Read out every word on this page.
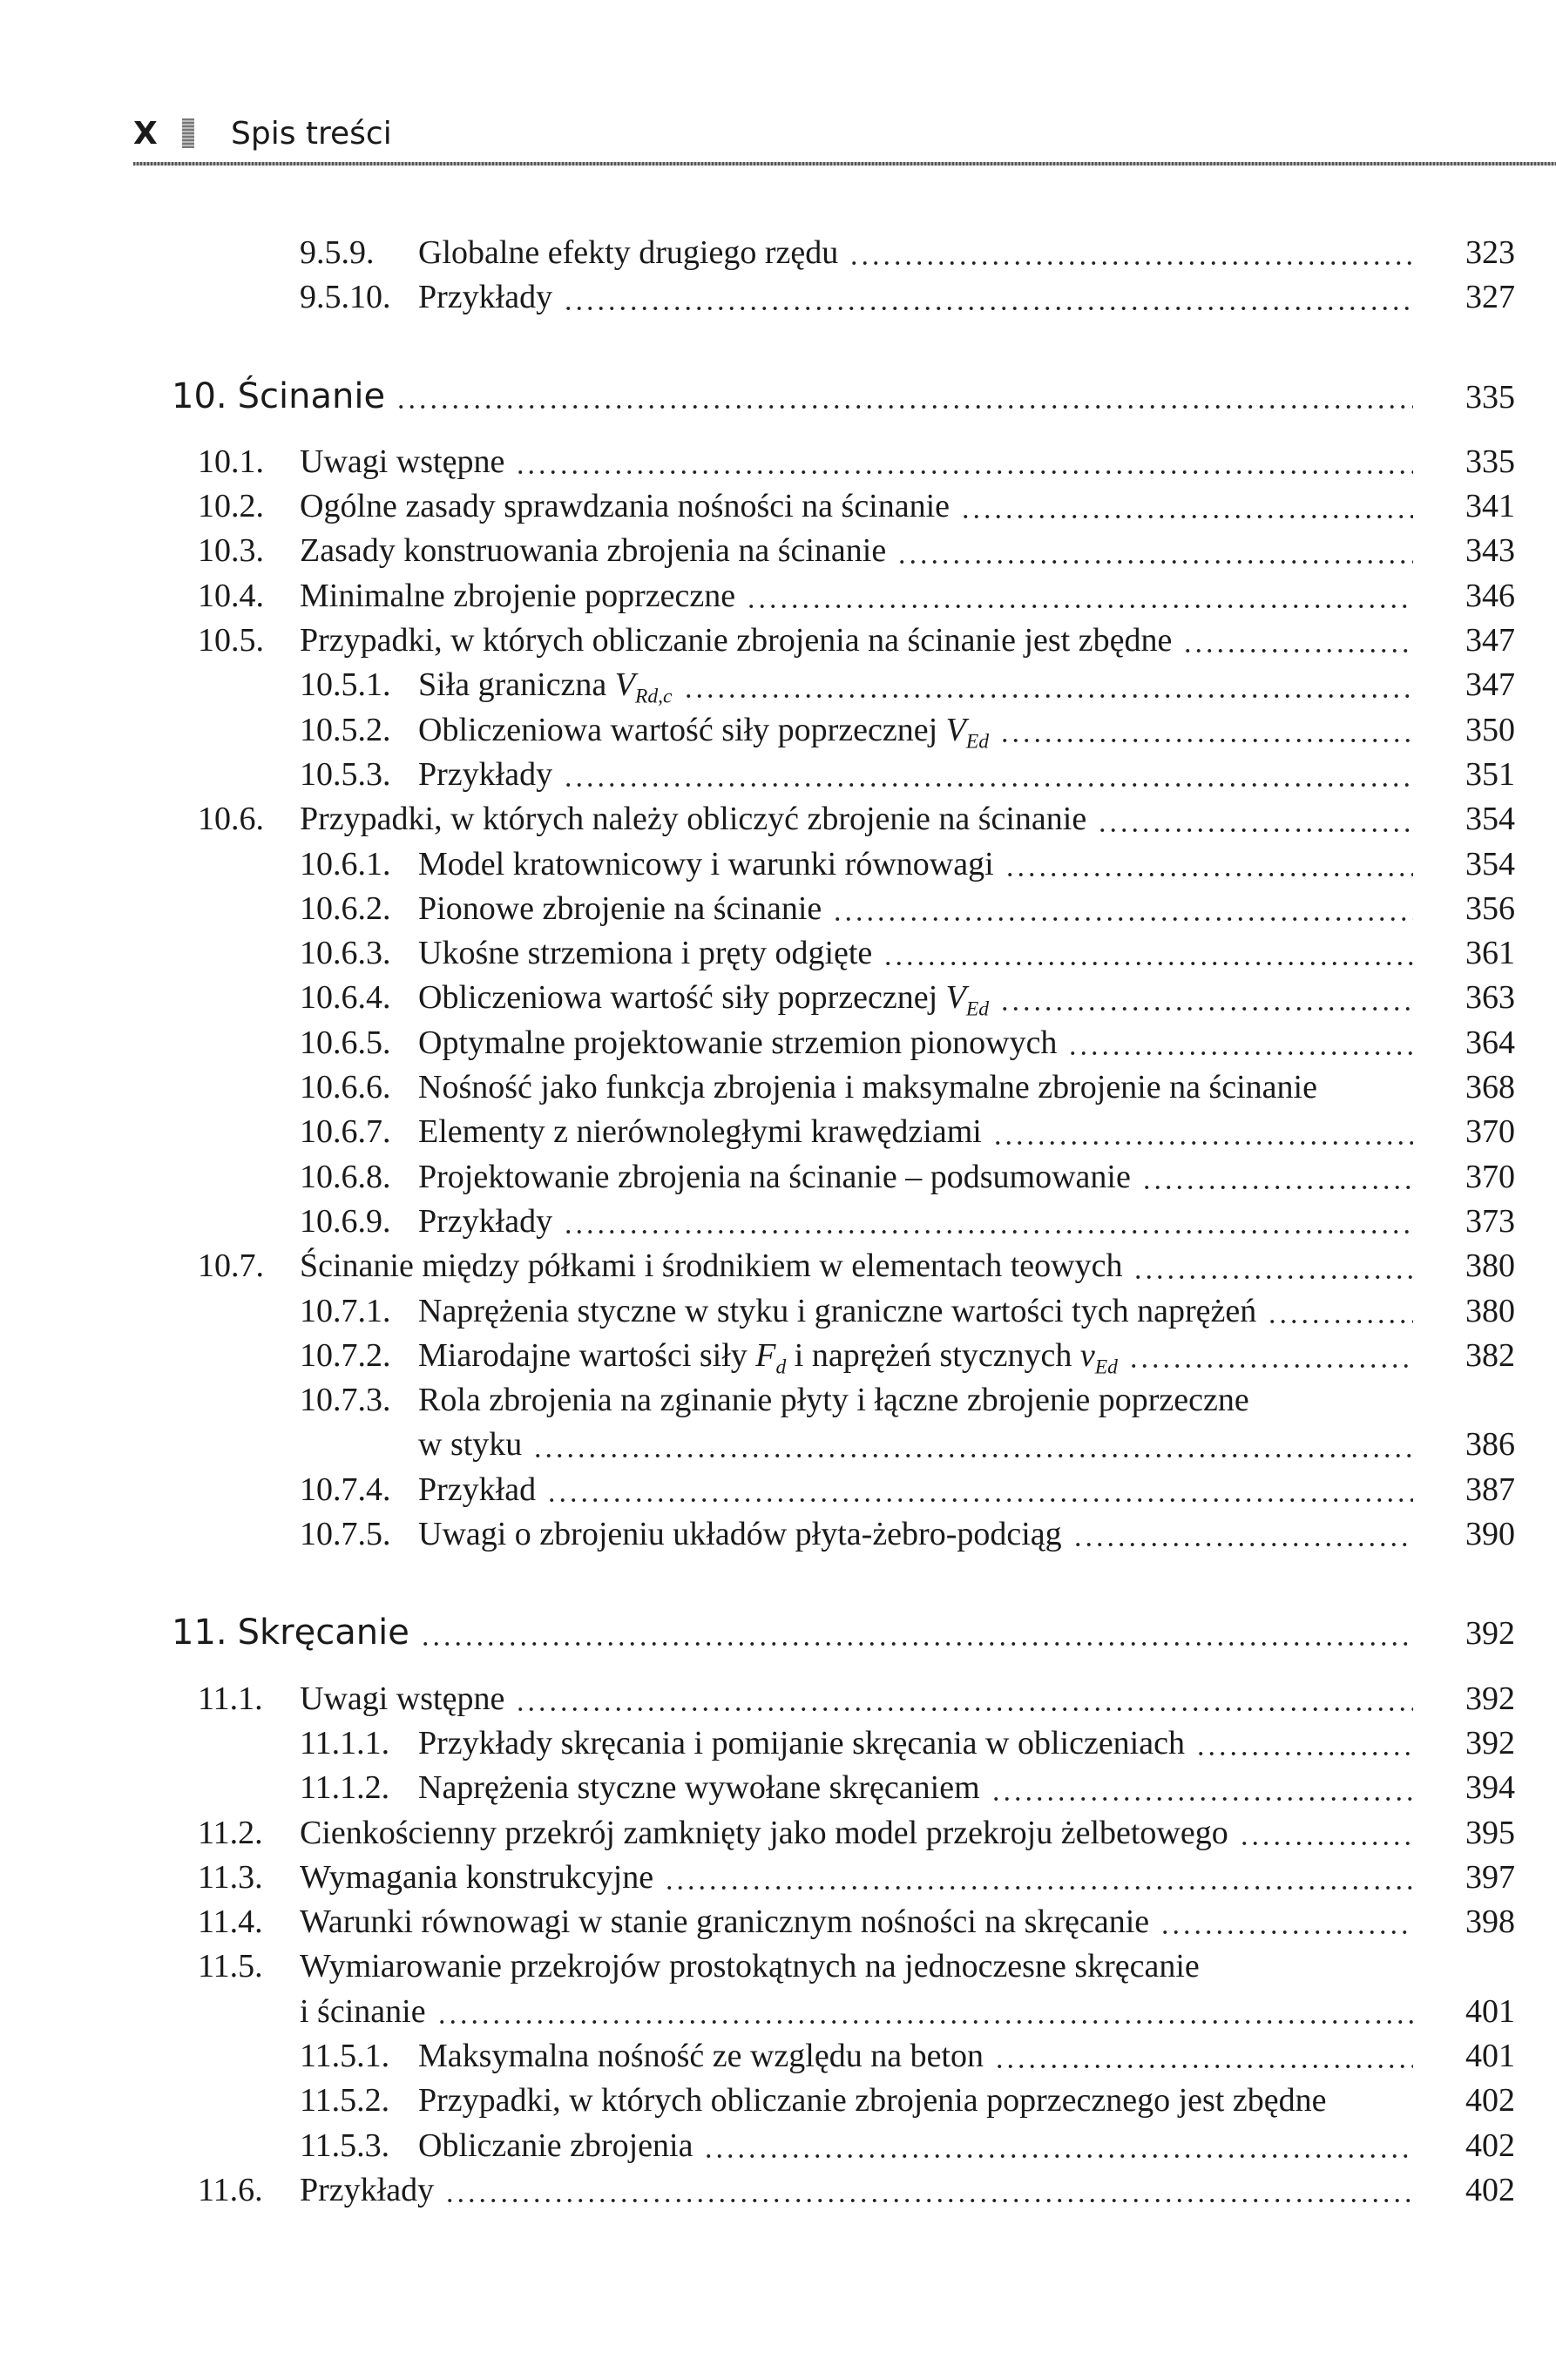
X	Spis treści
9.5.9.	Globalne efekty drugiego rzędu	323
9.5.10. Przykłady	327
10. Ścinanie	335
10.1.	Uwagi wstępne	335
10.2.	Ogólne zasady sprawdzania nośności na ścinanie	341
10.3.	Zasady konstruowania zbrojenia na ścinanie	343
10.4.	Minimalne zbrojenie poprzeczne	346
10.5.	Przypadki, w których obliczanie zbrojenia na ścinanie jest zbędne	347
10.5.1. Siła graniczna $V_{Rd,c}$	347
10.5.2. Obliczeniowa wartość siły poprzecznej $V_{Ed}$	350
10.5.3. Przykłady	351
10.6.	Przypadki, w których należy obliczyć zbrojenie na ścinanie	354
10.6.1. Model kratownicowy i warunki równowagi	354
10.6.2. Pionowe zbrojenie na ścinanie	356
10.6.3. Ukośne strzemiona i pręty odgięte	361
10.6.4. Obliczeniowa wartość siły poprzecznej $V_{Ed}$	363
10.6.5. Optymalne projektowanie strzemion pionowych	364
10.6.6. Nośność jako funkcja zbrojenia i maksymalne zbrojenie na ścinanie	368
10.6.7. Elementy z nierównoległymi krawędziami	370
10.6.8. Projektowanie zbrojenia na ścinanie – podsumowanie	370
10.6.9. Przykłady	373
10.7.	Ścinanie między półkami i środnikiem w elementach teowych	380
10.7.1. Naprężenia styczne w styku i graniczne wartości tych naprężeń	380
10.7.2. Miarodajne wartości siły $F_d$ i naprężeń stycznych $v_{Ed}$	382
10.7.3. Rola zbrojenia na zginanie płyty i łączne zbrojenie poprzeczne
w styku	386
10.7.4. Przykład	387
10.7.5. Uwagi o zbrojeniu układów płyta-żebro-podciąg	390
11. Skręcanie	392
11.1.	Uwagi wstępne	392
11.1.1. Przykłady skręcania i pomijanie skręcania w obliczeniach	392
11.1.2. Naprężenia styczne wywołane skręcaniem	394
11.2.	Cienkościenny przekrój zamknięty jako model przekroju żelbetowego	395
11.3.	Wymagania konstrukcyjne	397
11.4.	Warunki równowagi w stanie granicznym nośności na skręcanie	398
11.5.	Wymiarowanie przekrojów prostokątnych na jednoczesne skręcanie
i ścinanie	401
11.5.1. Maksymalna nośność ze względu na beton	401
11.5.2. Przypadki, w których obliczanie zbrojenia poprzecznego jest zbędne	402
11.5.3. Obliczanie zbrojenia	402
11.6.	Przykłady	402
